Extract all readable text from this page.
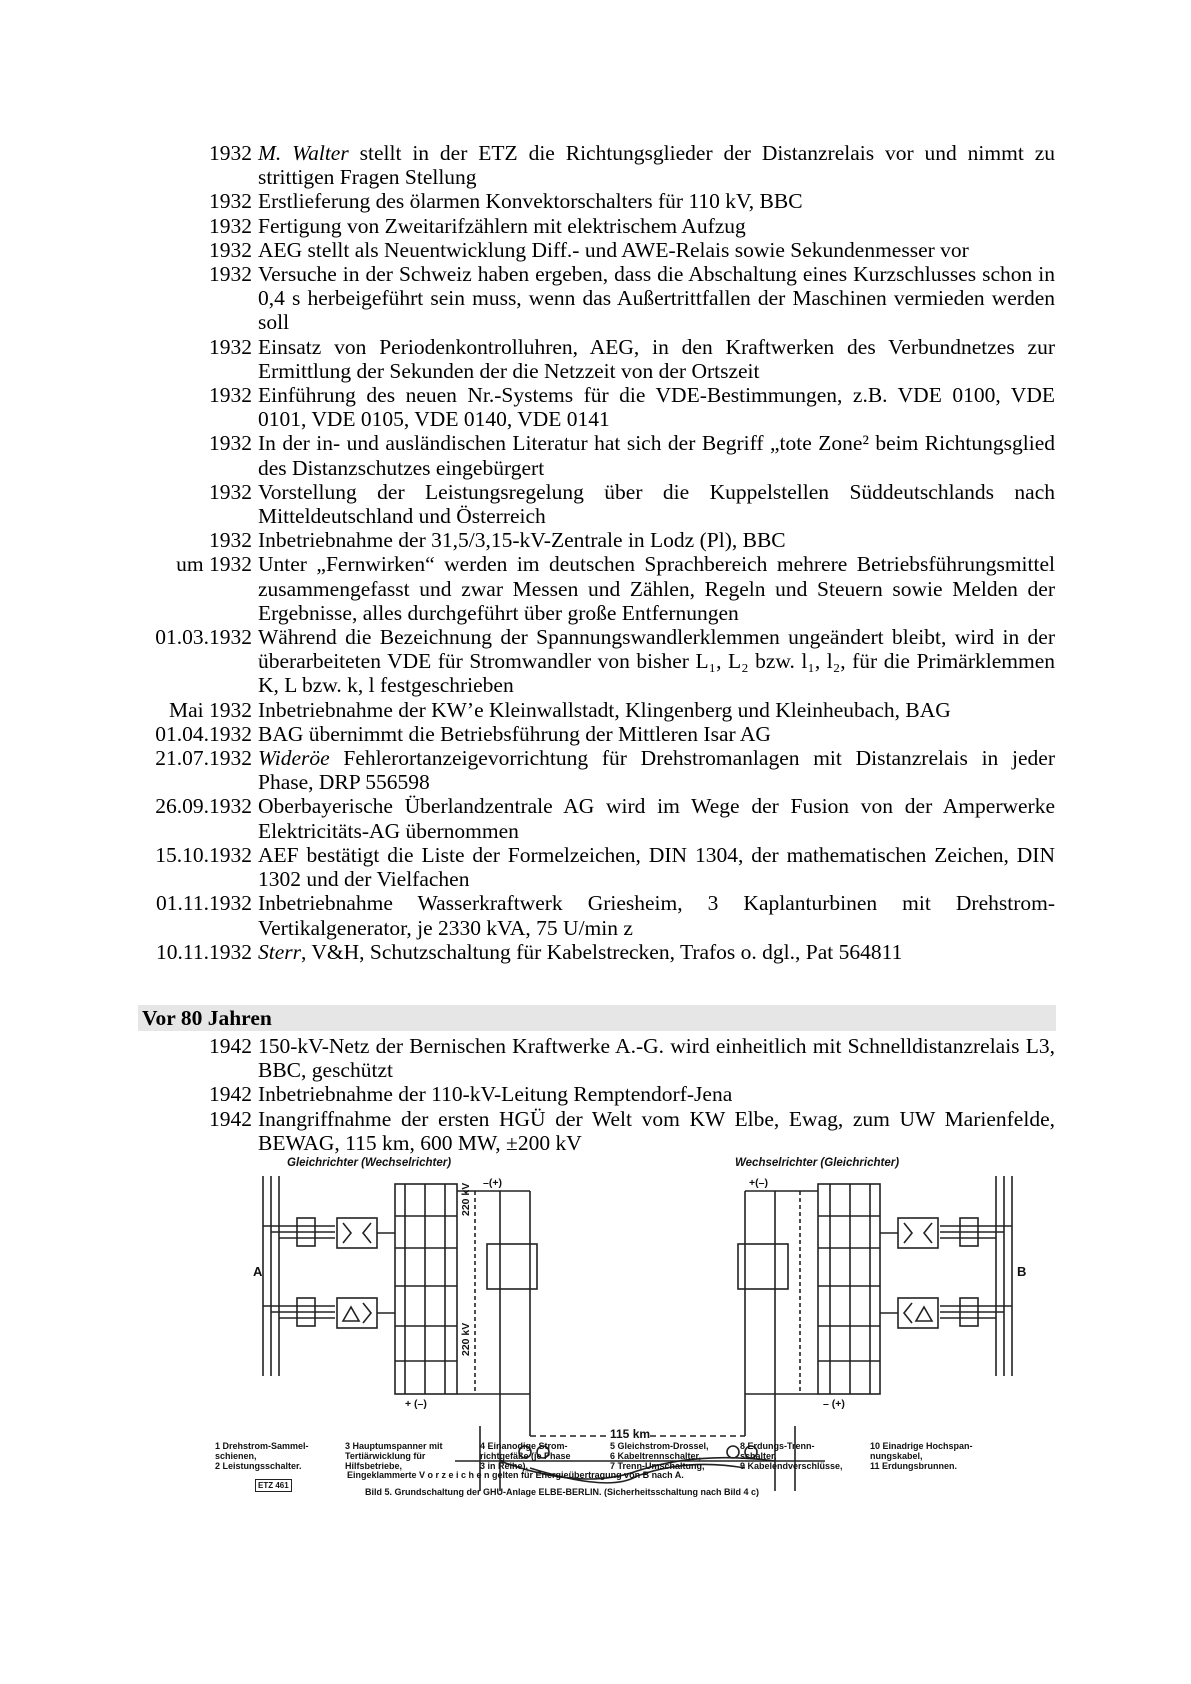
1932 M. Walter stellt in der ETZ die Richtungsglieder der Distanzrelais vor und nimmt zu strittigen Fragen Stellung
1932 Erstlieferung des ölarmen Konvektorschalters für 110 kV, BBC
1932 Fertigung von Zweitarifzählern mit elektrischem Aufzug
1932 AEG stellt als Neuentwicklung Diff.- und AWE-Relais sowie Sekundenmesser vor
1932 Versuche in der Schweiz haben ergeben, dass die Abschaltung eines Kurzschlusses schon in 0,4 s herbeigeführt sein muss, wenn das Außertrittfallen der Maschinen vermieden werden soll
1932 Einsatz von Periodenkontrolluhren, AEG, in den Kraftwerken des Verbundnetzes zur Ermittlung der Sekunden der die Netzzeit von der Ortszeit
1932 Einführung des neuen Nr.-Systems für die VDE-Bestimmungen, z.B. VDE 0100, VDE 0101, VDE 0105, VDE 0140, VDE 0141
1932 In der in- und ausländischen Literatur hat sich der Begriff „tote Zone² beim Richtungsglied des Distanzschutzes eingebürgert
1932 Vorstellung der Leistungsregelung über die Kuppelstellen Süddeutschlands nach Mitteldeutschland und Österreich
1932 Inbetriebnahme der 31,5/3,15-kV-Zentrale in Lodz (Pl), BBC
um 1932 Unter „Fernwirken“ werden im deutschen Sprachbereich mehrere Betriebsführungsmittel zusammengefasst und zwar Messen und Zählen, Regeln und Steuern sowie Melden der Ergebnisse, alles durchgeführt über große Entfernungen
01.03.1932 Während die Bezeichnung der Spannungswandlerklemmen ungeändert bleibt, wird in der überarbeiteten VDE für Stromwandler von bisher L₁, L₂ bzw. l₁, l₂, für die Primärklemmen K, L bzw. k, l festgeschrieben
Mai 1932 Inbetriebnahme der KW’e Kleinwallstadt, Klingenberg und Kleinheubach, BAG
01.04.1932 BAG übernimmt die Betriebsführung der Mittleren Isar AG
21.07.1932 Wideröe Fehlerortanzeigevorrichtung für Drehstromanlagen mit Distanzrelais in jeder Phase, DRP 556598
26.09.1932 Oberbayerische Überlandzentrale AG wird im Wege der Fusion von der Amperwerke Elektricitäts-AG übernommen
15.10.1932 AEF bestätigt die Liste der Formelzeichen, DIN 1304, der mathematischen Zeichen, DIN 1302 und der Vielfachen
01.11.1932 Inbetriebnahme Wasserkraftwerk Griesheim, 3 Kaplanturbinen mit Drehstrom-Vertikalgenerator, je 2330 kVA, 75 U/min z
10.11.1932 Sterr, V&H, Schutzschaltung für Kabelstrecken, Trafos o. dgl., Pat 564811
Vor 80 Jahren
1942 150-kV-Netz der Bernischen Kraftwerke A.-G. wird einheitlich mit Schnelldistanzrelais L3, BBC, geschützt
1942 Inbetriebnahme der 110-kV-Leitung Remptendorf-Jena
1942 Inangriffnahme der ersten HGÜ der Welt vom KW Elbe, Ewag, zum UW Marienfelde, BEWAG, 115 km, 600 MW, ±200 kV
Gleichrichter (Wechselrichter)	Wechselrichter (Gleichrichter)
A	B
220 kV
220 kV
115 km
–(+)
+ (–)
+(–)
– (+)
ETZ 461
1 Drehstrom-Sammel-
schienen,
2 Leistungsschalter.
3 Hauptumspanner mit
Tertiärwicklung für
Hilfsbetriebe,
4 Einanodige Strom-
richtgefäße (je Phase
3 in Reihe),
5 Gleichstrom-Drossel,
6 Kabeltrennschalter,
7 Trenn-Umschaltung,
8 Erdungs-Trenn-
schalter,
9 Kabelendverschlüsse,
10 Einadrige Hochspan-
nungskabel,
11 Erdungsbrunnen.
Eingeklammerte V o r z e i c h e n gelten für Energieübertragung von B nach A.
Bild 5. Grundschaltung der GHU-Anlage ELBE-BERLIN. (Sicherheitsschaltung nach Bild 4 c)
